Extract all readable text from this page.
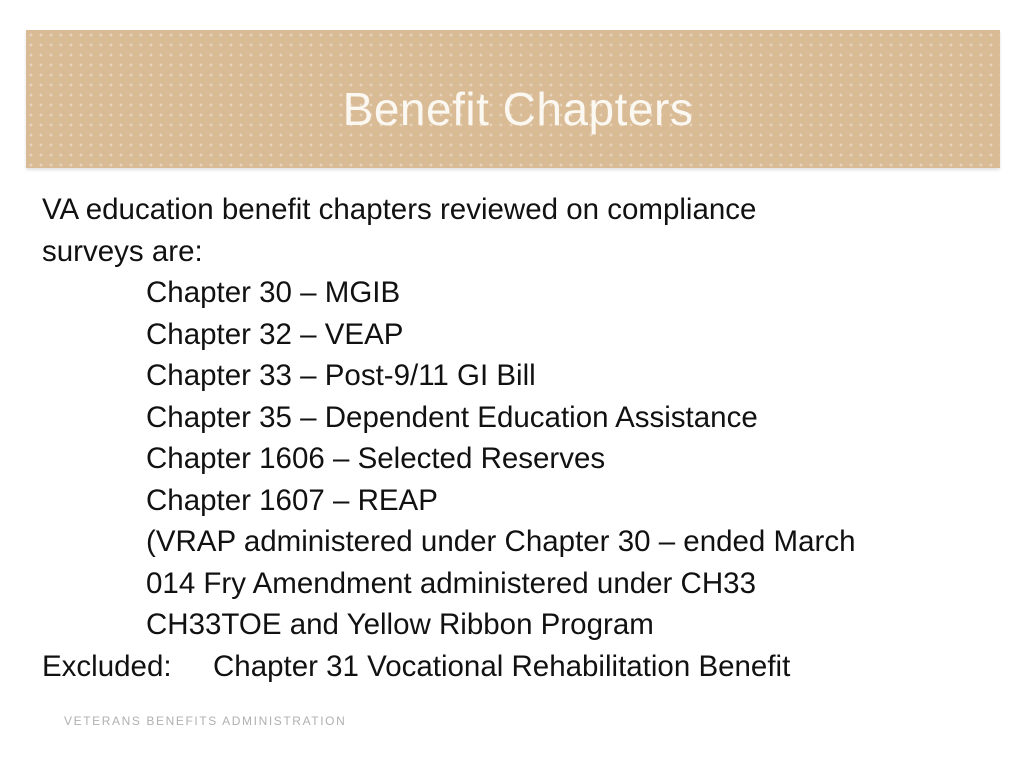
Benefit Chapters
VA education benefit chapters reviewed on compliance
surveys are:
Chapter 30 – MGIB
Chapter 32 – VEAP
Chapter 33 – Post-9/11 GI Bill
Chapter 35 – Dependent Education Assistance
Chapter 1606 – Selected Reserves
Chapter 1607 – REAP
(VRAP administered under Chapter 30 – ended March
014 Fry Amendment administered under CH33
CH33TOE and Yellow Ribbon Program
Excluded: Chapter 31 Vocational Rehabilitation Benefit
VETERANS BENEFITS ADMINISTRATION
